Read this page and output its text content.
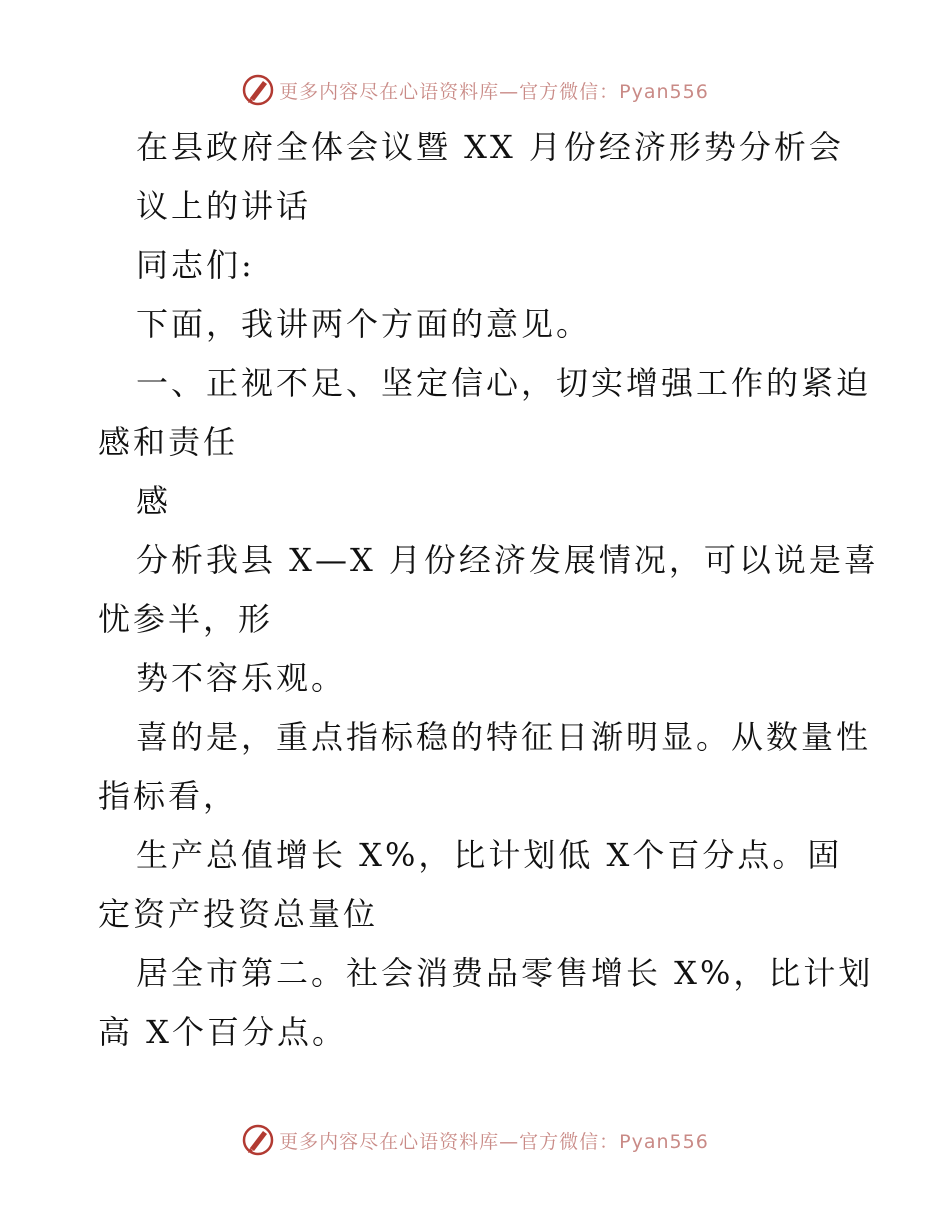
更多内容尽在心语资料库—官方微信：Pyan556
在县政府全体会议暨 XX 月份经济形势分析会
议上的讲话
同志们:
下面，我讲两个方面的意见。
一、正视不足、坚定信心，切实增强工作的紧迫
感和责任
感
分析我县 X—X 月份经济发展情况，可以说是喜
忧参半，形
势不容乐观。
喜的是，重点指标稳的特征日渐明显。从数量性
指标看，
生产总值增长 X%，比计划低 X个百分点。固
定资产投资总量位
居全市第二。社会消费品零售增长 X%，比计划
高 X个百分点。
更多内容尽在心语资料库—官方微信：Pyan556
